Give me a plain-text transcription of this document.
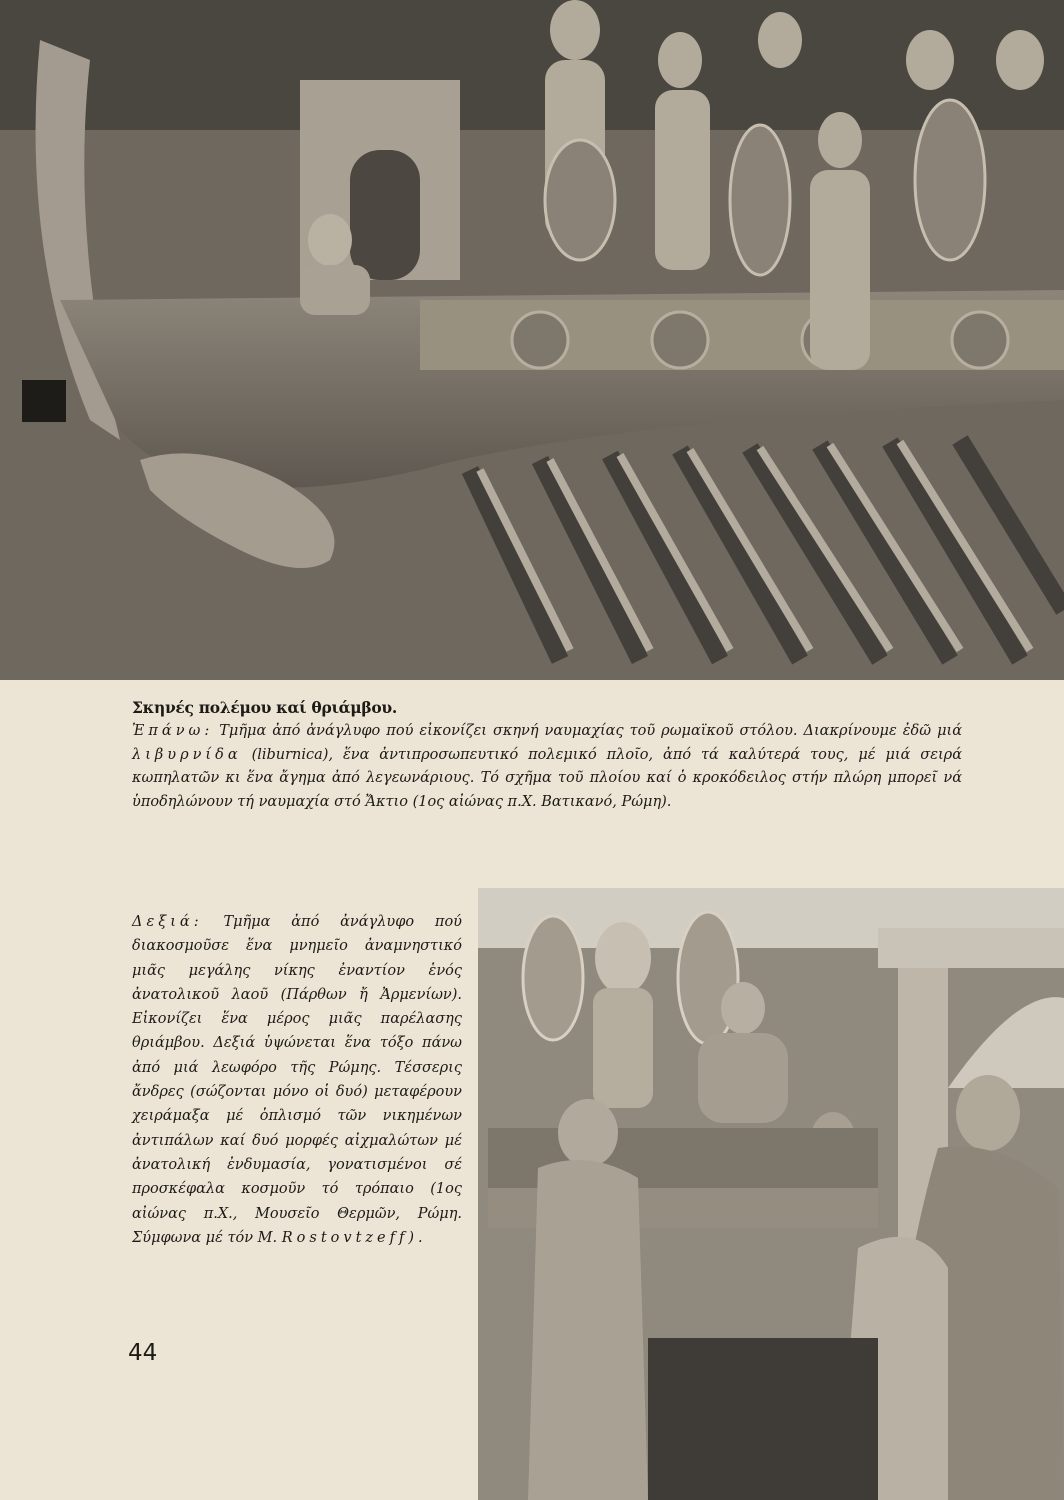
Σκηνές πολέμου καί θριάμβου.
Ἐπάνω: Τμῆμα ἀπό ἀνάγλυφο πού εἰκονίζει σκηνή ναυμαχίας τοῦ ρωμαϊκοῦ στόλου. Διακρίνουμε ἐδῶ μιά λιβυρνίδα (liburnica), ἕνα ἀντιπροσωπευτικό πολεμικό πλοῖο, ἀπό τά καλύτερά τους, μέ μιά σειρά κωπηλατῶν κι ἕνα ἄγημα ἀπό λεγεωνάριους. Τό σχῆμα τοῦ πλοίου καί ὁ κροκόδειλος στήν πλώρη μπορεῖ νά ὑποδηλώνουν τή ναυμαχία στό Ἄκτιο (1ος αἰώνας π.Χ. Βατικανό, Ρώμη).
Δεξιά: Τμῆμα ἀπό ἀνάγλυφο πού διακοσμοῦσε ἕνα μνημεῖο ἀναμνηστικό μιᾶς μεγάλης νίκης ἐναντίον ἑνός ἀνατολικοῦ λαοῦ (Πάρθων ἤ Ἀρμενίων). Εἰκονίζει ἕνα μέρος μιᾶς παρέλασης θριάμβου. Δεξιά ὑψώνεται ἕνα τόξο πάνω ἀπό μιά λεωφόρο τῆς Ρώμης. Τέσσερις ἄνδρες (σώζονται μόνο οἱ δυό) μεταφέρουν χειράμαξα μέ ὁπλισμό τῶν νικημένων ἀντιπάλων καί δυό μορφές αἰχμαλώτων μέ ἀνατολική ἐνδυμασία, γονατισμένοι σέ προσκέφαλα κοσμοῦν τό τρόπαιο (1ος αἰώνας π.Χ., Μουσεῖο Θερμῶν, Ρώμη. Σύμφωνα μέ τόν Μ. Rostovtzeff).
44
